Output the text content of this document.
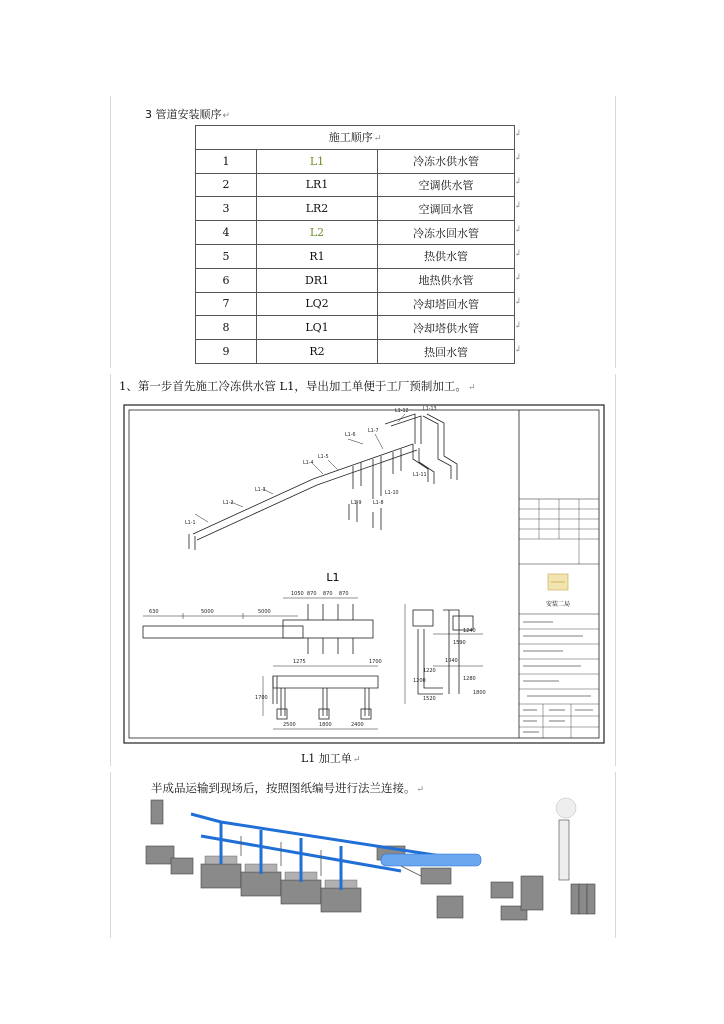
3 管道安装顺序↵
施工顺序↵		
1	L1	冷冻水供水管
2	LR1	空调供水管
3	LR2	空调回水管
4	L2	冷冻水回水管
5	R1	热供水管
6	DR1	地热供水管
7	LQ2	冷却塔回水管
8	LQ1	冷却塔供水管
9	R2	热回水管
↲
↲
↲
↲
↲
↲
↲
↲
↲
↲
1、第一步首先施工冷冻供水管 L1，导出加工单便于工厂预制加工。↵
安装二局
L1-1
L1-2
L1-3
L1-4
L1-5
L1-6
L1-7
L1-8
L1-9
L1-10
L1-11
L1-12	L1-13
L1
630	5000	5000
1050 870 870 870
1275
1700
2500	1800	2400
1700
1240
1590
1040
1220
1200	1280
1800
1520
L1 加工单↵
半成品运输到现场后，按照图纸编号进行法兰连接。↵
